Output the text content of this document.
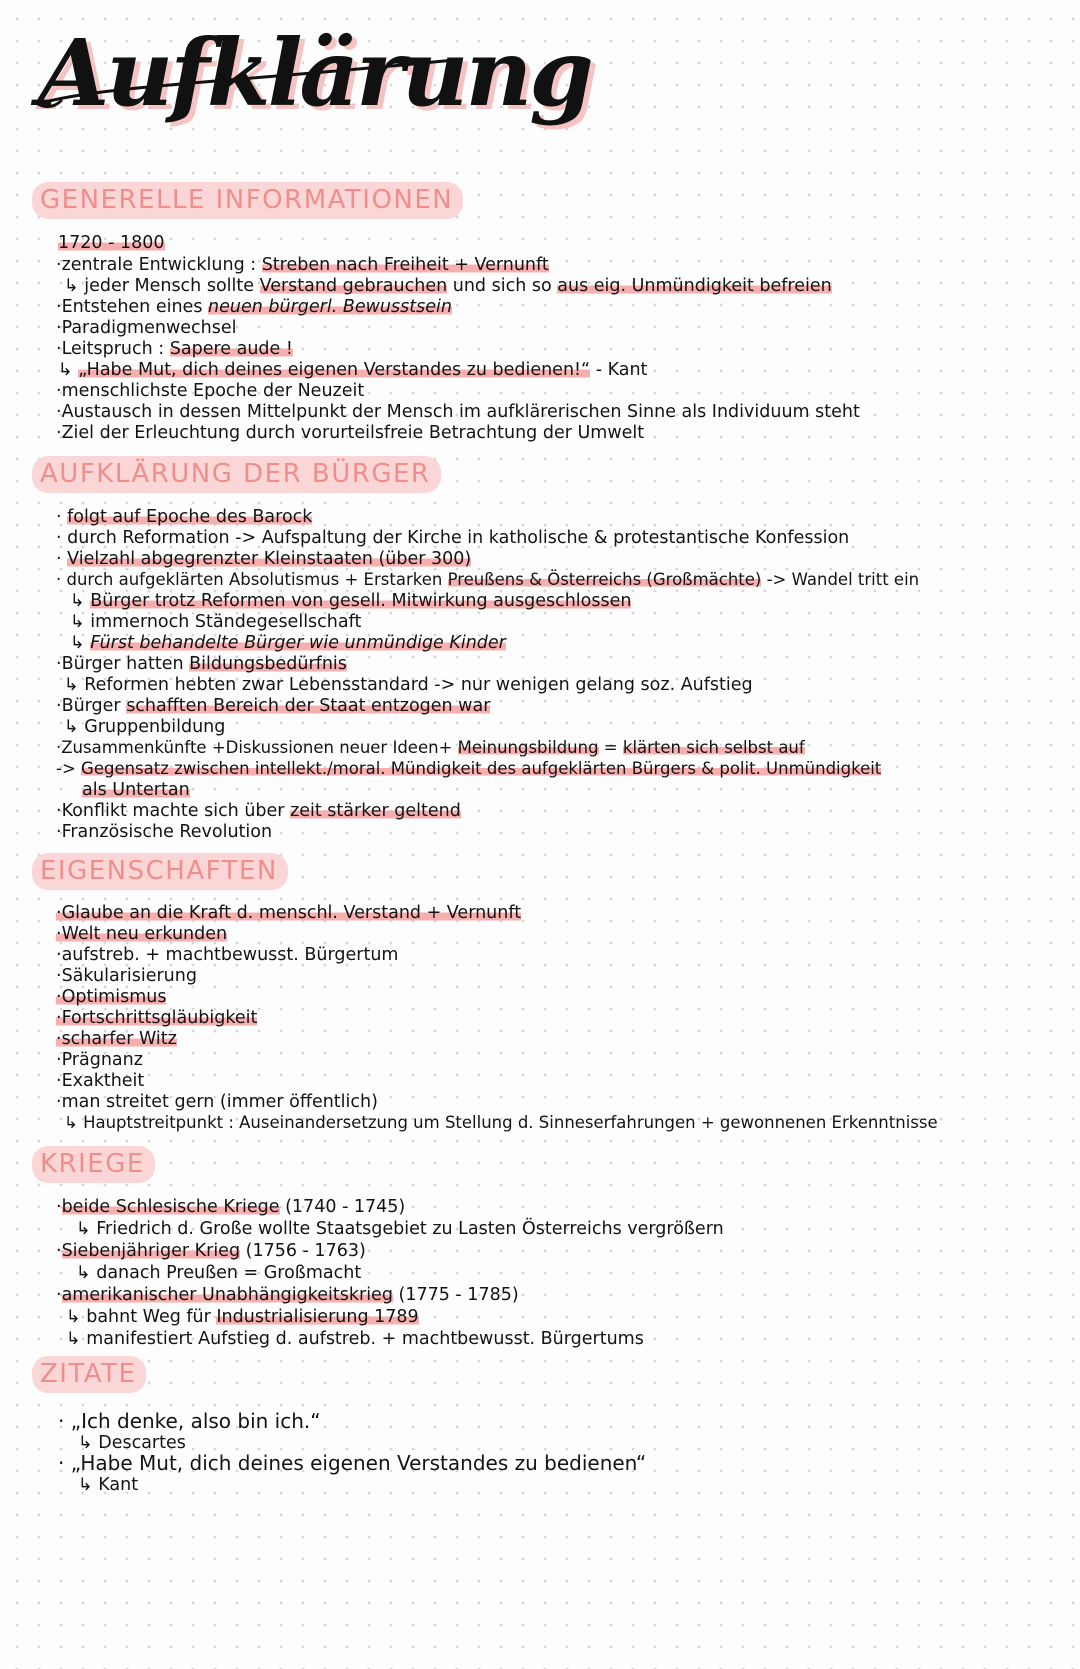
Aufklärung
GENERELLE INFORMATIONEN
1720 - 1800
·zentrale Entwicklung : Streben nach Freiheit + Vernunft
↳ jeder Mensch sollte Verstand gebrauchen und sich so aus eig. Unmündigkeit befreien
·Entstehen eines neuen bürgerl. Bewusstsein
·Paradigmenwechsel
·Leitspruch : Sapere aude !
↳ „Habe Mut, dich deines eigenen Verstandes zu bedienen!“ - Kant
·menschlichste Epoche der Neuzeit
·Austausch in dessen Mittelpunkt der Mensch im aufklärerischen Sinne als Individuum steht
·Ziel der Erleuchtung durch vorurteilsfreie Betrachtung der Umwelt
AUFKLÄRUNG DER BÜRGER
· folgt auf Epoche des Barock
· durch Reformation -> Aufspaltung der Kirche in katholische & protestantische Konfession
· Vielzahl abgegrenzter Kleinstaaten (über 300)
· durch aufgeklärten Absolutismus + Erstarken Preußens & Österreichs (Großmächte) -> Wandel tritt ein
↳ Bürger trotz Reformen von gesell. Mitwirkung ausgeschlossen
↳ immernoch Ständegesellschaft
↳ Fürst behandelte Bürger wie unmündige Kinder
·Bürger hatten Bildungsbedürfnis
↳ Reformen hebten zwar Lebensstandard -> nur wenigen gelang soz. Aufstieg
·Bürger schafften Bereich der Staat entzogen war
↳ Gruppenbildung
·Zusammenkünfte +Diskussionen neuer Ideen+ Meinungsbildung = klärten sich selbst auf
-> Gegensatz zwischen intellekt./moral. Mündigkeit des aufgeklärten Bürgers & polit. Unmündigkeit
als Untertan
·Konflikt machte sich über zeit stärker geltend
·Französische Revolution
EIGENSCHAFTEN
·Glaube an die Kraft d. menschl. Verstand + Vernunft
·Welt neu erkunden
·aufstreb. + machtbewusst. Bürgertum
·Säkularisierung
·Optimismus
·Fortschrittsgläubigkeit
·scharfer Witz
·Prägnanz
·Exaktheit
·man streitet gern (immer öffentlich)
↳ Hauptstreitpunkt : Auseinandersetzung um Stellung d. Sinneserfahrungen + gewonnenen Erkenntnisse
KRIEGE
·beide Schlesische Kriege (1740 - 1745)
↳ Friedrich d. Große wollte Staatsgebiet zu Lasten Österreichs vergrößern
·Siebenjähriger Krieg (1756 - 1763)
↳ danach Preußen = Großmacht
·amerikanischer Unabhängigkeitskrieg (1775 - 1785)
↳ bahnt Weg für Industrialisierung 1789
↳ manifestiert Aufstieg d. aufstreb. + machtbewusst. Bürgertums
ZITATE
· „Ich denke, also bin ich.“
↳ Descartes
· „Habe Mut, dich deines eigenen Verstandes zu bedienen“
↳ Kant
